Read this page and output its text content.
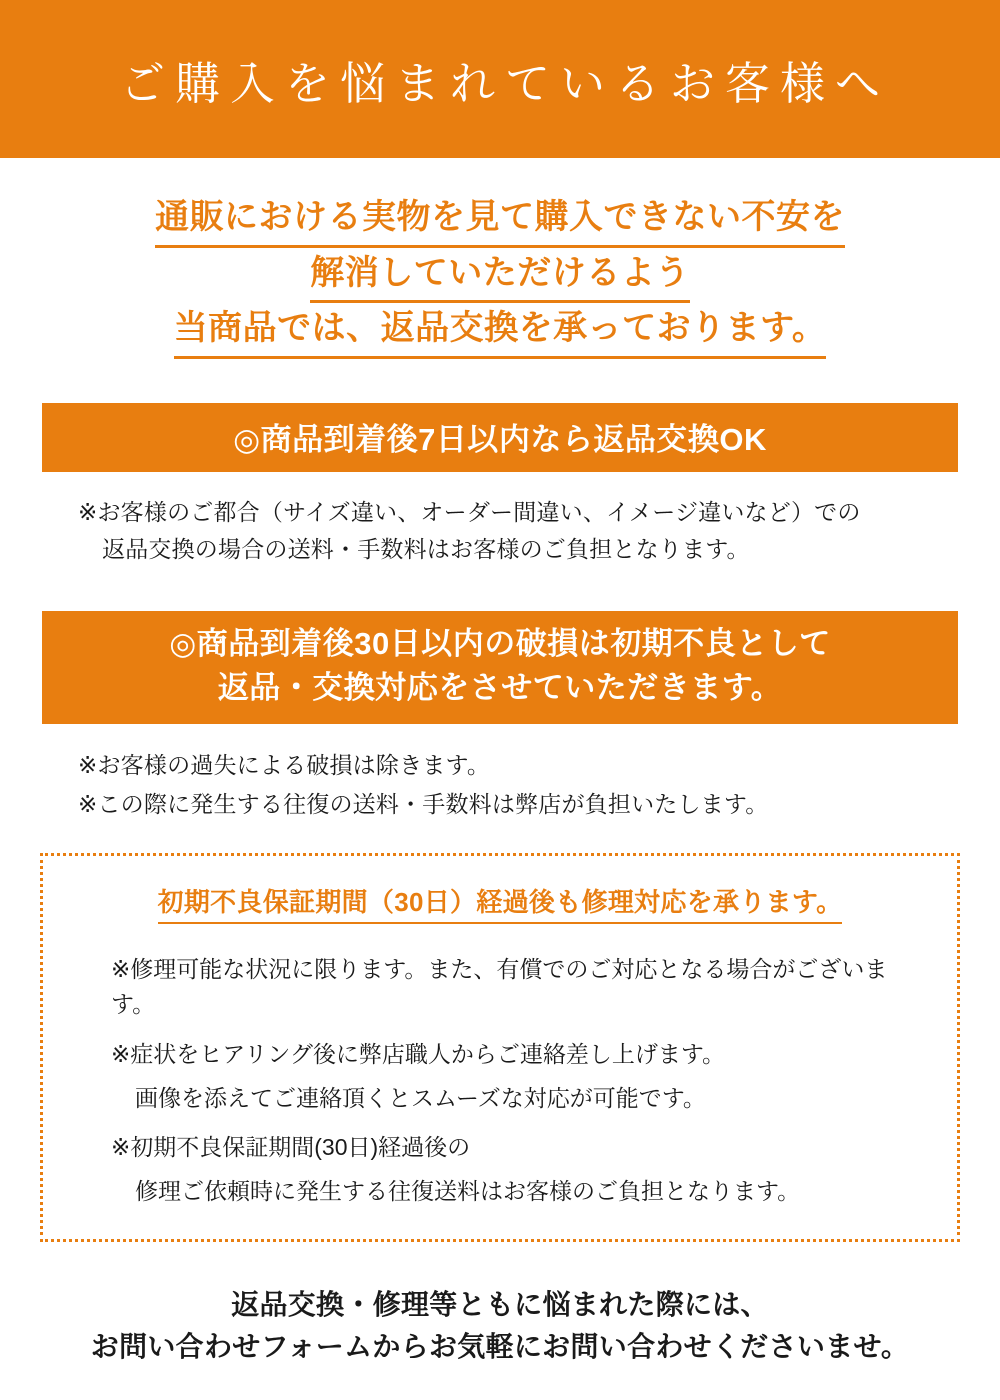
ご購入を悩まれているお客様へ
通販における実物を見て購入できない不安を
解消していただけるよう
当商品では、返品交換を承っております。
◎商品到着後7日以内なら返品交換OK
※お客様のご都合（サイズ違い、オーダー間違い、イメージ違いなど）での
返品交換の場合の送料・手数料はお客様のご負担となります。
◎商品到着後30日以内の破損は初期不良として
返品・交換対応をさせていただきます。
※お客様の過失による破損は除きます。
※この際に発生する往復の送料・手数料は弊店が負担いたします。
初期不良保証期間（30日）経過後も修理対応を承ります。
※修理可能な状況に限ります。また、有償でのご対応となる場合がございます。
※症状をヒアリング後に弊店職人からご連絡差し上げます。
画像を添えてご連絡頂くとスムーズな対応が可能です。
※初期不良保証期間(30日)経過後の
修理ご依頼時に発生する往復送料はお客様のご負担となります。
返品交換・修理等ともに悩まれた際には、
お問い合わせフォームからお気軽にお問い合わせくださいませ。
